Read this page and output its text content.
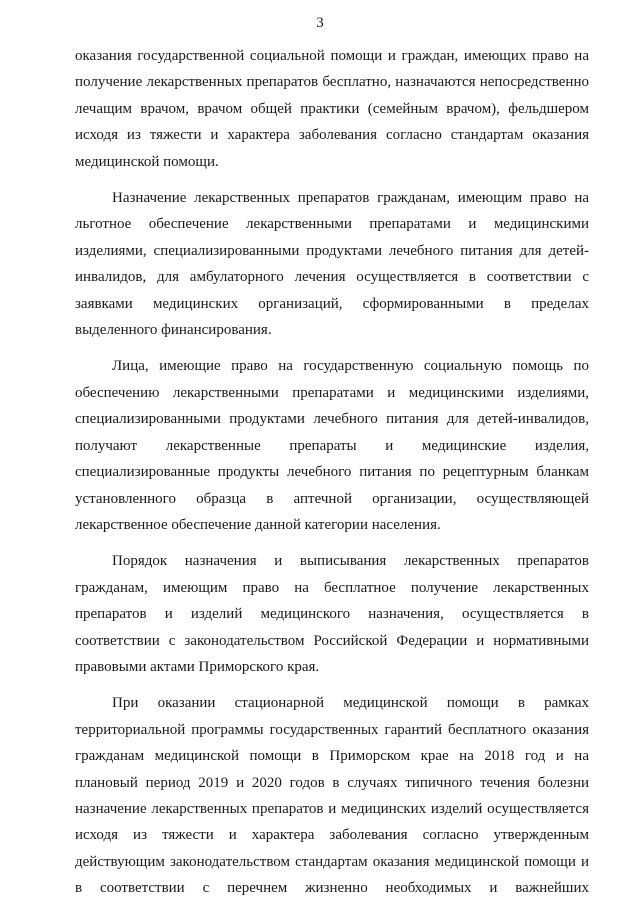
3
оказания государственной социальной помощи и граждан, имеющих право на
получение лекарственных препаратов бесплатно, назначаются непосредственно
лечащим врачом, врачом общей практики (семейным врачом), фельдшером
исходя из тяжести и характера заболевания согласно стандартам оказания
медицинской помощи.
Назначение лекарственных препаратов гражданам, имеющим право на
льготное обеспечение лекарственными препаратами и медицинскими
изделиями, специализированными продуктами лечебного питания для детей-
инвалидов, для амбулаторного лечения осуществляется в соответствии с
заявками медицинских организаций, сформированными в пределах
выделенного финансирования.
Лица, имеющие право на государственную социальную помощь по
обеспечению лекарственными препаратами и медицинскими изделиями,
специализированными продуктами лечебного питания для детей-инвалидов,
получают лекарственные препараты и медицинские изделия,
специализированные продукты лечебного питания по рецептурным бланкам
установленного образца в аптечной организации, осуществляющей
лекарственное обеспечение данной категории населения.
Порядок назначения и выписывания лекарственных препаратов
гражданам, имеющим право на бесплатное получение лекарственных
препаратов и изделий медицинского назначения, осуществляется в
соответствии с законодательством Российской Федерации и нормативными
правовыми актами Приморского края.
При оказании стационарной медицинской помощи в рамках
территориальной программы государственных гарантий бесплатного оказания
гражданам медицинской помощи в Приморском крае на 2018 год и на
плановый период 2019 и 2020 годов в случаях типичного течения болезни
назначение лекарственных препаратов и медицинских изделий осуществляется
исходя из тяжести и характера заболевания согласно утвержденным
действующим законодательством стандартам оказания медицинской помощи и
в соответствии с перечнем жизненно необходимых и важнейших
